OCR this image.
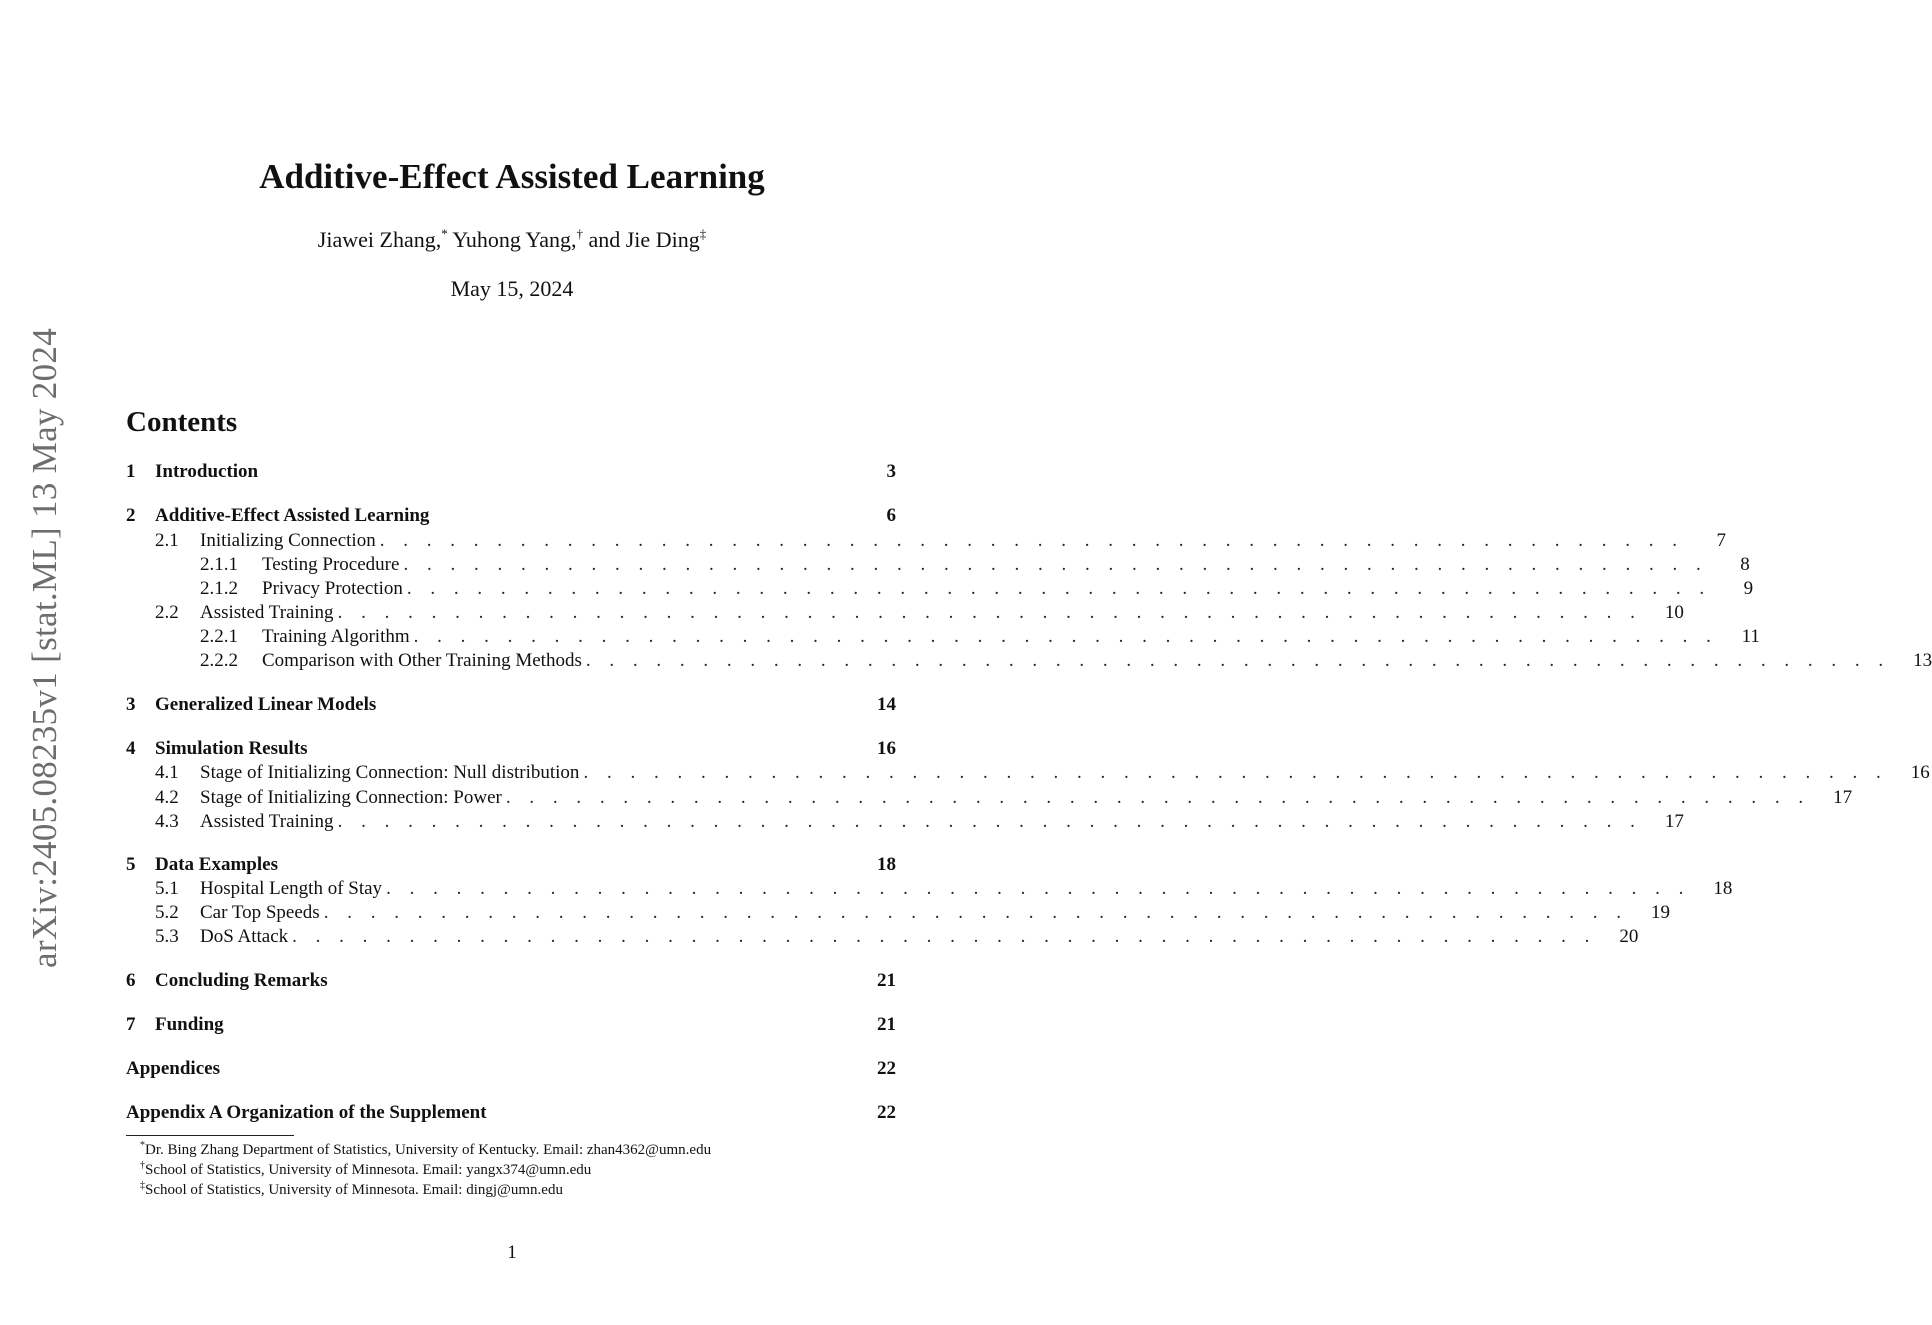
arXiv:2405.08235v1 [stat.ML] 13 May 2024
Additive-Effect Assisted Learning
Jiawei Zhang,* Yuhong Yang,† and Jie Ding‡
May 15, 2024
Contents
1	Introduction	3
2	Additive-Effect Assisted Learning	6
2.1	Initializing Connection . . . . . . . . . . . . . . . . . . . . . . . . . . . . . . . . . . . . . . . . . . . . . . . . . . . . . . . .	7
2.1.1	Testing Procedure . . . . . . . . . . . . . . . . . . . . . . . . . . . . . . . . . . . . . . . . . . . . . . . . . . . . . . . .	8
2.1.2	Privacy Protection . . . . . . . . . . . . . . . . . . . . . . . . . . . . . . . . . . . . . . . . . . . . . . . . . . . . . . . .	9
2.2	Assisted Training . . . . . . . . . . . . . . . . . . . . . . . . . . . . . . . . . . . . . . . . . . . . . . . . . . . . . . . .	10
2.2.1	Training Algorithm . . . . . . . . . . . . . . . . . . . . . . . . . . . . . . . . . . . . . . . . . . . . . . . . . . . . . . . .	11
2.2.2	Comparison with Other Training Methods . . . . . . . . . . . . . . . . . . . . . . . . . . . . . . . . . . . . . . . . . . . . . . . . . . . . . . . .	13
3	Generalized Linear Models	14
4	Simulation Results	16
4.1	Stage of Initializing Connection: Null distribution . . . . . . . . . . . . . . . . . . . . . . . . . . . . . . . . . . . . . . . . . . . . . . . . . . . . . . . .	16
4.2	Stage of Initializing Connection: Power . . . . . . . . . . . . . . . . . . . . . . . . . . . . . . . . . . . . . . . . . . . . . . . . . . . . . . . .	17
4.3	Assisted Training . . . . . . . . . . . . . . . . . . . . . . . . . . . . . . . . . . . . . . . . . . . . . . . . . . . . . . . .	17
5	Data Examples	18
5.1	Hospital Length of Stay . . . . . . . . . . . . . . . . . . . . . . . . . . . . . . . . . . . . . . . . . . . . . . . . . . . . . . . .	18
5.2	Car Top Speeds . . . . . . . . . . . . . . . . . . . . . . . . . . . . . . . . . . . . . . . . . . . . . . . . . . . . . . . .	19
5.3	DoS Attack . . . . . . . . . . . . . . . . . . . . . . . . . . . . . . . . . . . . . . . . . . . . . . . . . . . . . . . .	20
6	Concluding Remarks	21
7	Funding	21
Appendices	22
Appendix A Organization of the Supplement	22
*Dr. Bing Zhang Department of Statistics, University of Kentucky. Email: zhan4362@umn.edu
†School of Statistics, University of Minnesota. Email: yangx374@umn.edu
‡School of Statistics, University of Minnesota. Email: dingj@umn.edu
1
